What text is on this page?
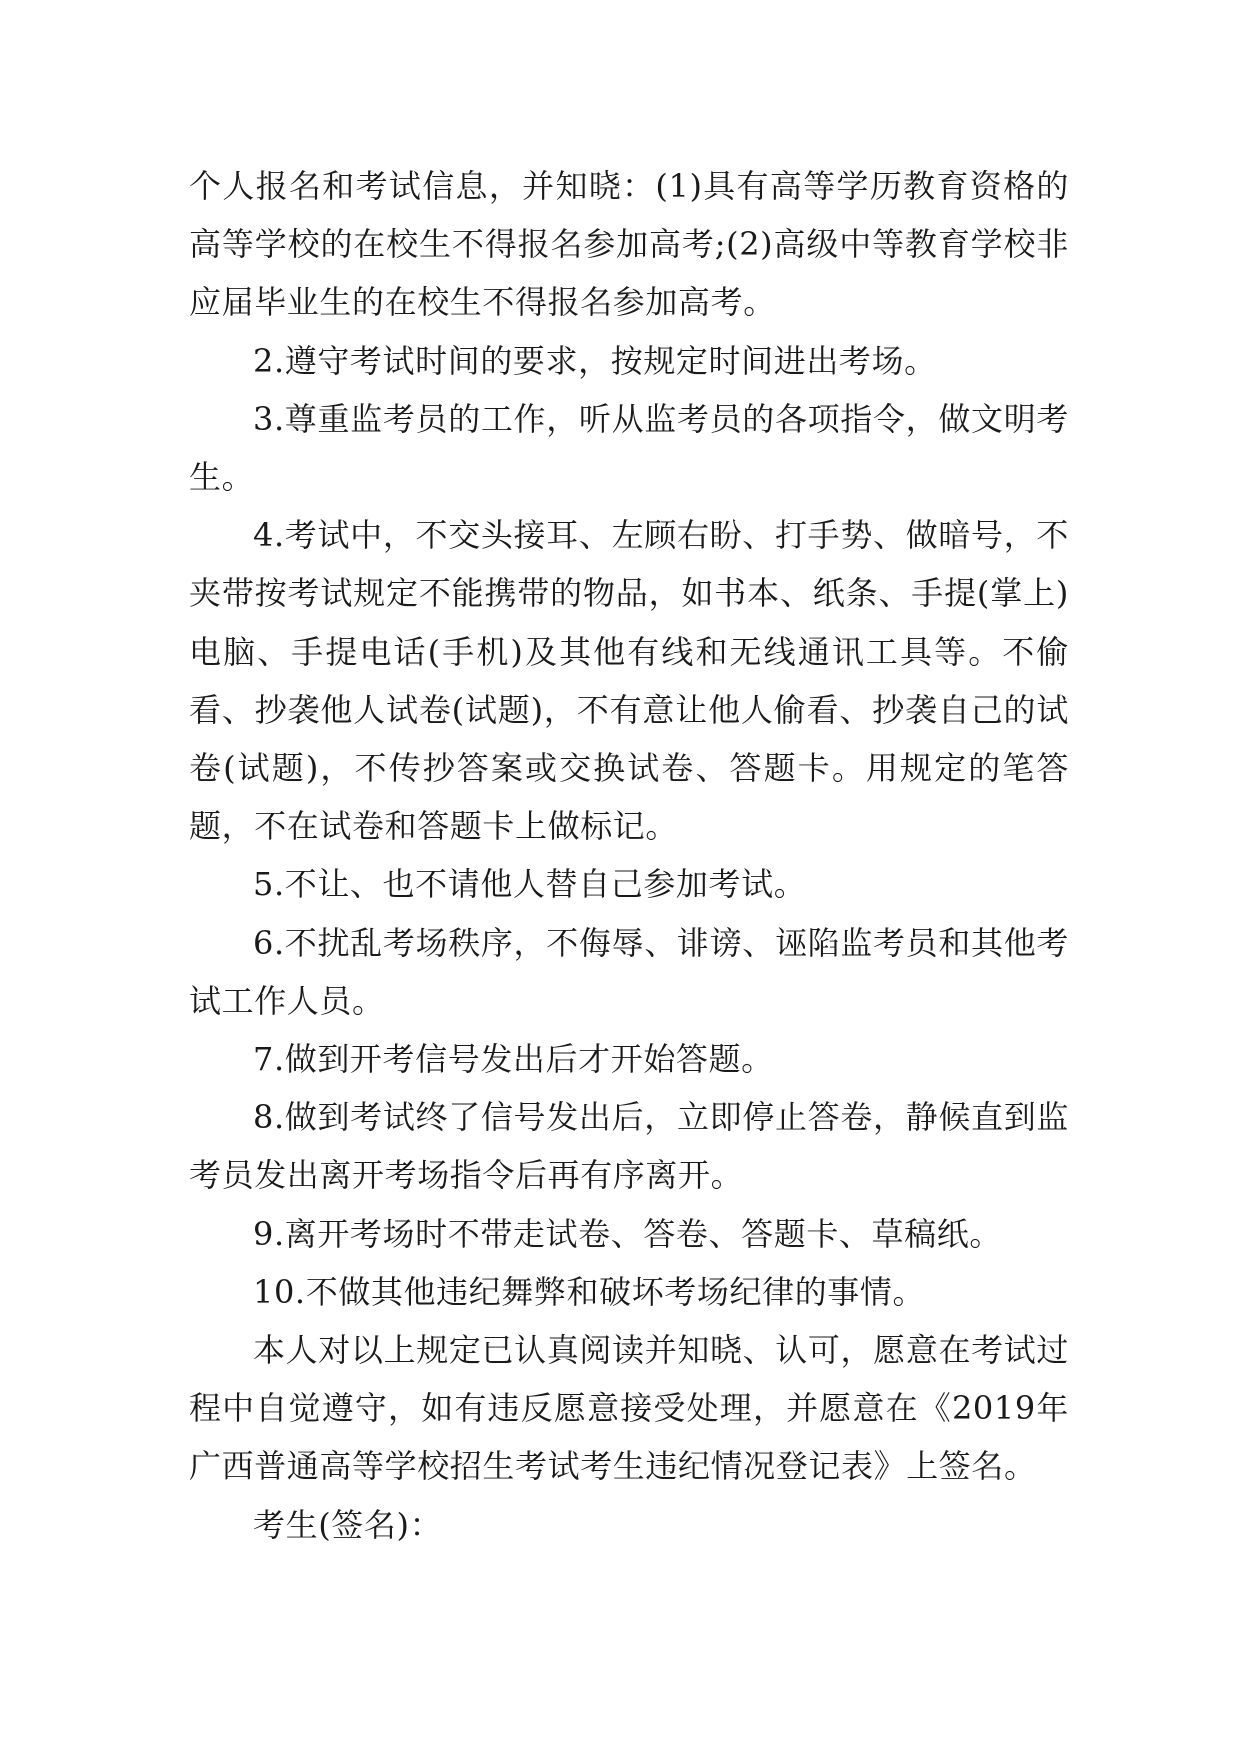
个人报名和考试信息，并知晓：(1)具有高等学历教育资格的高等学校的在校生不得报名参加高考;(2)高级中等教育学校非应届毕业生的在校生不得报名参加高考。

2.遵守考试时间的要求，按规定时间进出考场。

3.尊重监考员的工作，听从监考员的各项指令，做文明考生。

4.考试中，不交头接耳、左顾右盼、打手势、做暗号，不夹带按考试规定不能携带的物品，如书本、纸条、手提(掌上)电脑、手提电话(手机)及其他有线和无线通讯工具等。不偷看、抄袭他人试卷(试题)，不有意让他人偷看、抄袭自己的试卷(试题)，不传抄答案或交换试卷、答题卡。用规定的笔答题，不在试卷和答题卡上做标记。

5.不让、也不请他人替自己参加考试。

6.不扰乱考场秩序，不侮辱、诽谤、诬陷监考员和其他考试工作人员。

7.做到开考信号发出后才开始答题。

8.做到考试终了信号发出后，立即停止答卷，静候直到监考员发出离开考场指令后再有序离开。

9.离开考场时不带走试卷、答卷、答题卡、草稿纸。

10.不做其他违纪舞弊和破坏考场纪律的事情。

本人对以上规定已认真阅读并知晓、认可，愿意在考试过程中自觉遵守，如有违反愿意接受处理，并愿意在《2019年广西普通高等学校招生考试考生违纪情况登记表》上签名。

考生(签名)：
